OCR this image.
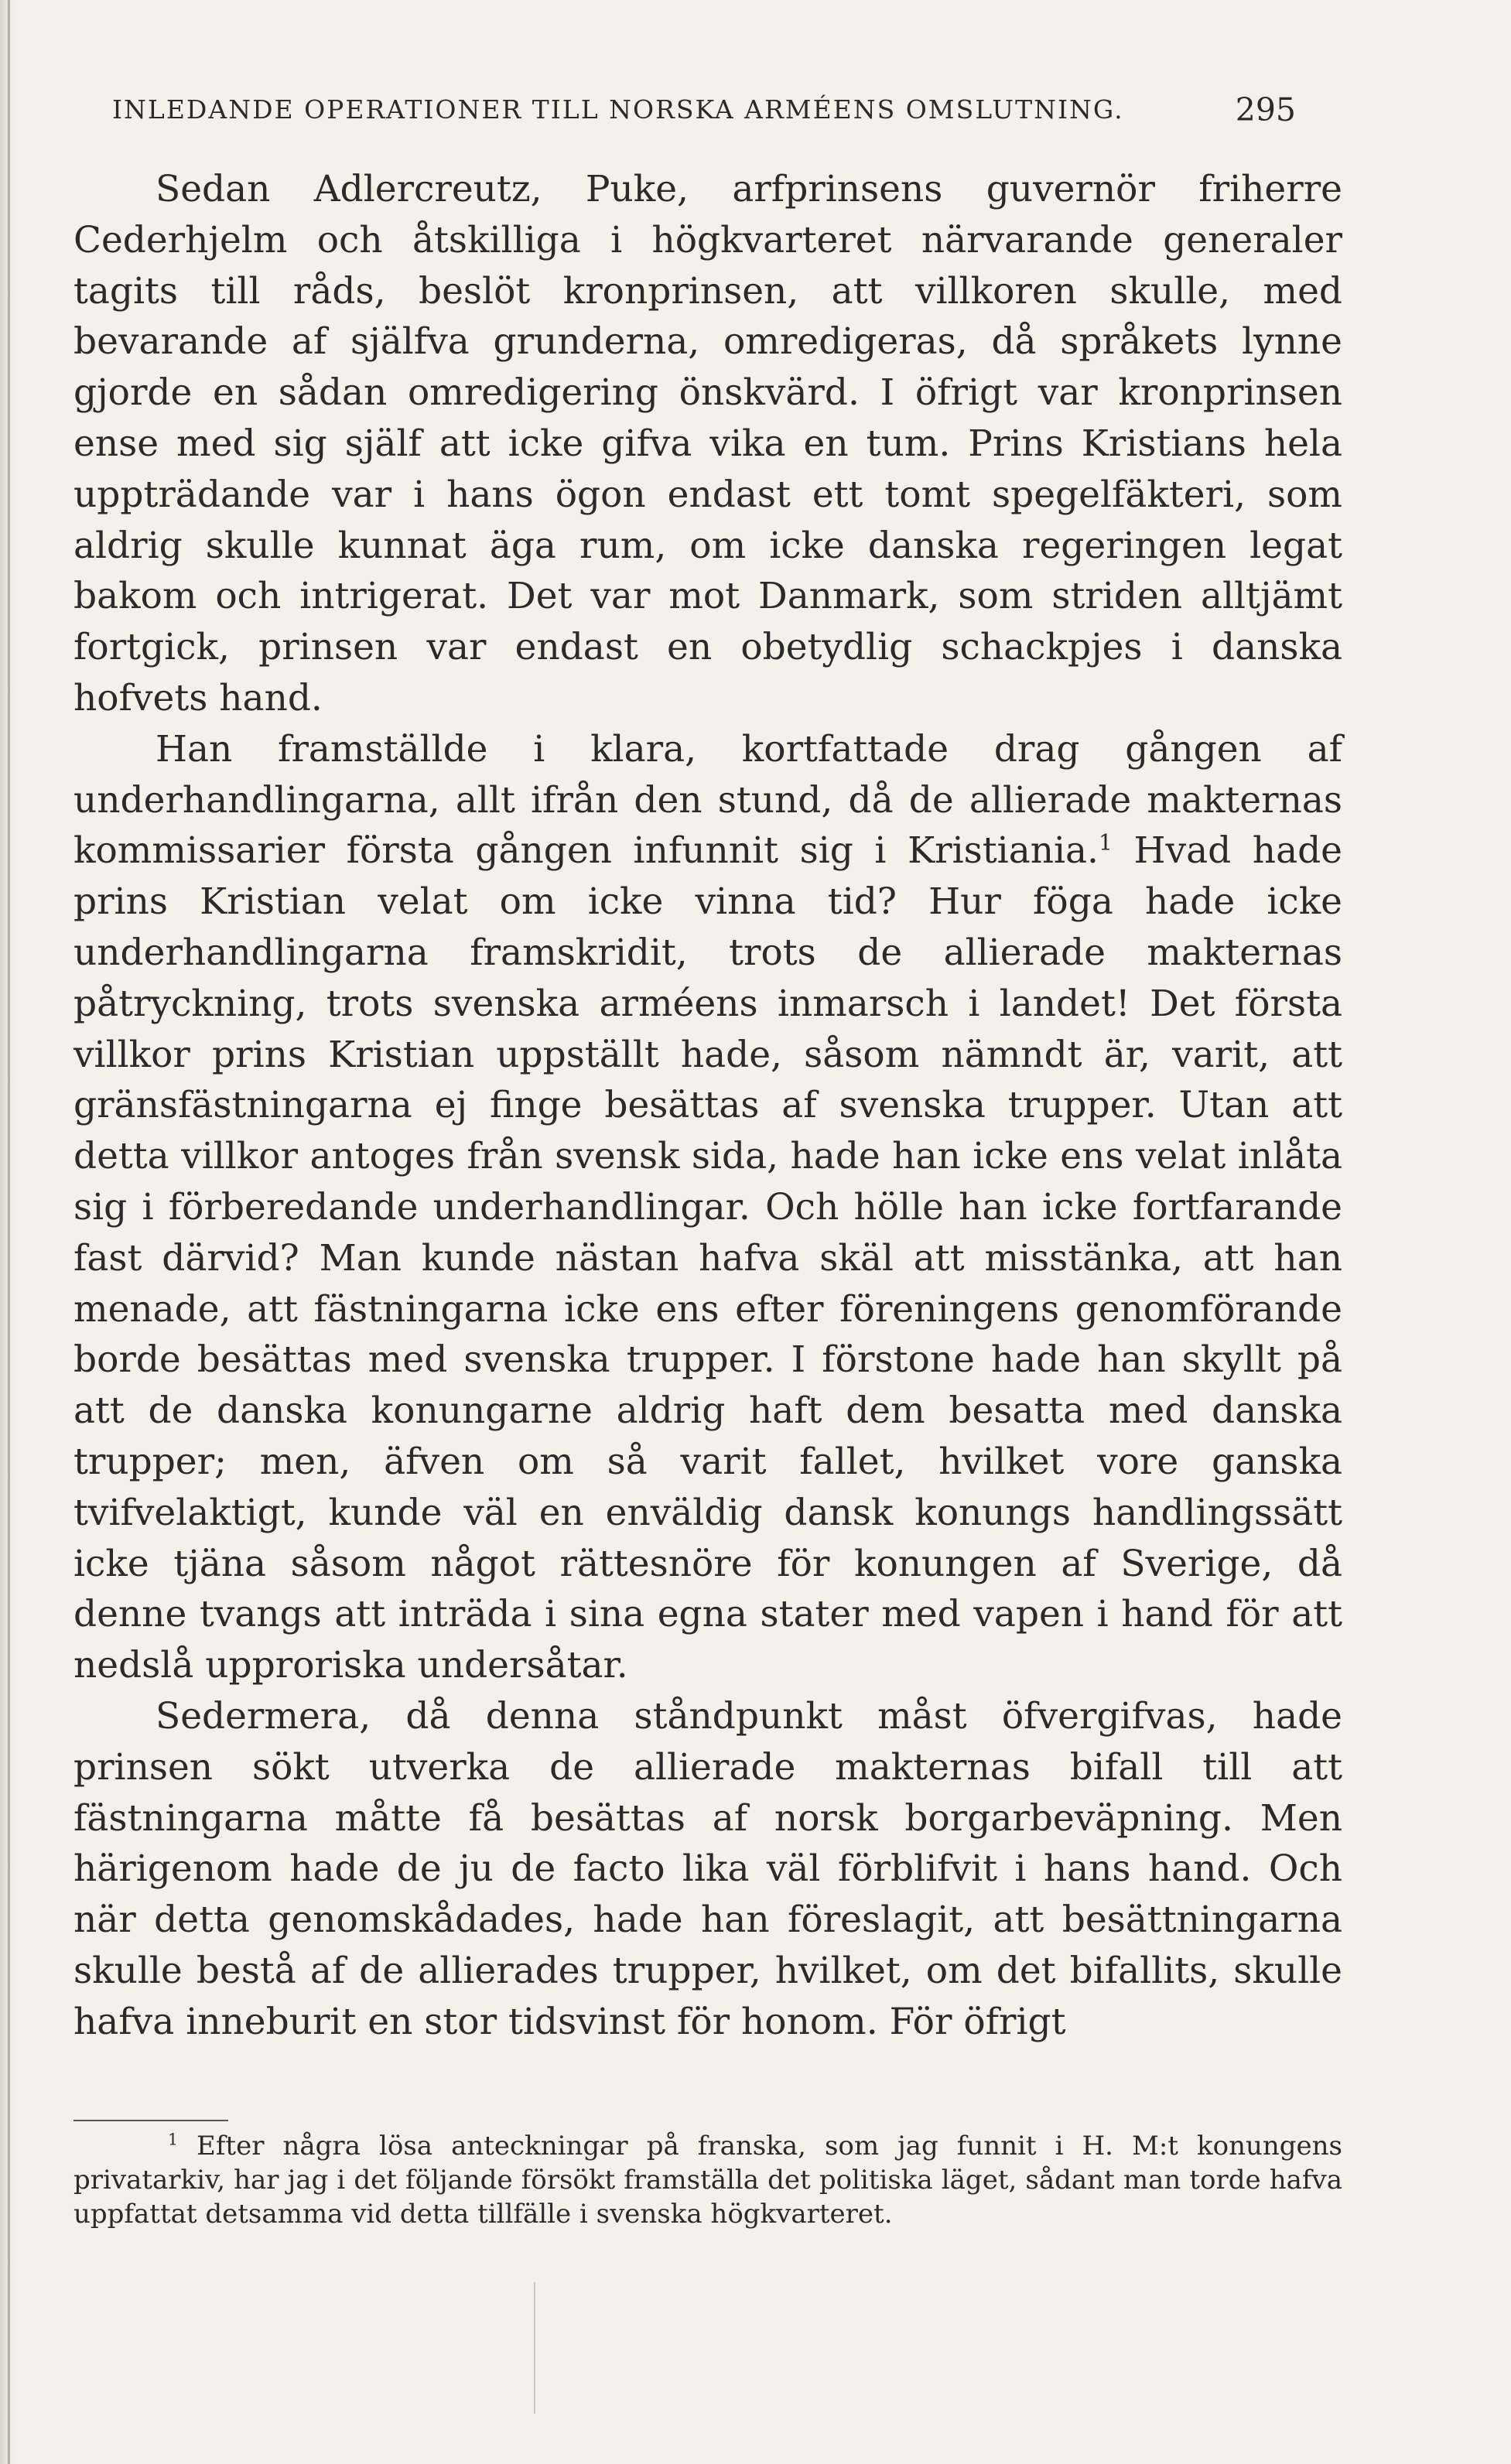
INLEDANDE OPERATIONER TILL NORSKA ARMÉENS OMSLUTNING.	295

Sedan Adlercreutz, Puke, arfprinsens guvernör friherre Cederhjelm och åtskilliga i högkvarteret närvarande generaler tagits till råds, beslöt kronprinsen, att villkoren skulle, med bevarande af själfva grunderna, omredigeras, då språkets lynne gjorde en sådan omredigering önskvärd. I öfrigt var kronprinsen ense med sig själf att icke gifva vika en tum. Prins Kristians hela uppträdande var i hans ögon endast ett tomt spegelfäkteri, som aldrig skulle kunnat äga rum, om icke danska regeringen legat bakom och intrigerat. Det var mot Danmark, som striden alltjämt fortgick, prinsen var endast en obetydlig schackpjes i danska hofvets hand.

Han framställde i klara, kortfattade drag gången af underhandlingarna, allt ifrån den stund, då de allierade makternas kommissarier första gången infunnit sig i Kristiania.$^1$ Hvad hade prins Kristian velat om icke vinna tid? Hur föga hade icke underhandlingarna framskridit, trots de allierade makternas påtryckning, trots svenska arméens inmarsch i landet! Det första villkor prins Kristian uppställt hade, såsom nämndt är, varit, att gränsfästningarna ej finge besättas af svenska trupper. Utan att detta villkor antoges från svensk sida, hade han icke ens velat inlåta sig i förberedande underhandlingar. Och hölle han icke fortfarande fast därvid? Man kunde nästan hafva skäl att misstänka, att han menade, att fästningarna icke ens efter föreningens genomförande borde besättas med svenska trupper. I förstone hade han skyllt på att de danska konungarne aldrig haft dem besatta med danska trupper; men, äfven om så varit fallet, hvilket vore ganska tvifvelaktigt, kunde väl en enväldig dansk konungs handlingssätt icke tjäna såsom något rättesnöre för konungen af Sverige, då denne tvangs att inträda i sina egna stater med vapen i hand för att nedslå upproriska undersåtar.

Sedermera, då denna ståndpunkt måst öfvergifvas, hade prinsen sökt utverka de allierade makternas bifall till att fästningarna måtte få besättas af norsk borgarbeväpning. Men härigenom hade de ju de facto lika väl förblifvit i hans hand. Och när detta genomskådades, hade han föreslagit, att besättningarna skulle bestå af de allierades trupper, hvilket, om det bifallits, skulle hafva inneburit en stor tidsvinst för honom. För öfrigt

$^1$ Efter några lösa anteckningar på franska, som jag funnit i H. M:t konungens privatarkiv, har jag i det följande försökt framställa det politiska läget, sådant man torde hafva uppfattat detsamma vid detta tillfälle i svenska högkvarteret.
